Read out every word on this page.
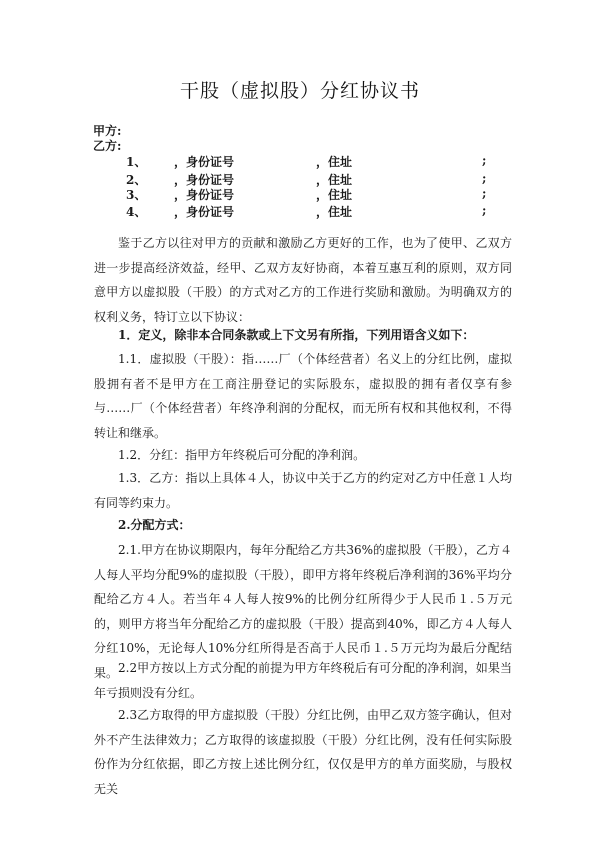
干股（虚拟股）分红协议书
甲方:
乙方:
1、 ，身份证号	，住址	;
2、 ，身份证号	，住址	;
3、 ，身份证号	，住址	;
4、 ，身份证号	，住址	;

鉴于乙方以往对甲方的贡献和激励乙方更好的工作，也为了使甲、乙双方进一步提高经济效益，经甲、乙双方友好协商，本着互惠互利的原则，双方同意甲方以虚拟股（干股）的方式对乙方的工作进行奖励和激励。为明确双方的权利义务，特订立以下协议：

1．定义，除非本合同条款或上下文另有所指，下列用语含义如下：

1.1．虚拟股（干股）：指……厂（个体经营者）名义上的分红比例，虚拟股拥有者不是甲方在工商注册登记的实际股东，虚拟股的拥有者仅享有参与……厂（个体经营者）年终净利润的分配权，而无所有权和其他权利，不得转让和继承。

1.2．分红：指甲方年终税后可分配的净利润。

1.3．乙方：指以上具体４人，协议中关于乙方的约定对乙方中任意１人均有同等约束力。

2.分配方式：

2.1.甲方在协议期限内，每年分配给乙方共36%的虚拟股（干股），乙方４人每人平均分配9%的虚拟股（干股），即甲方将年终税后净利润的36%平均分配给乙方４人。若当年４人每人按9%的比例分红所得少于人民币１.５万元的，则甲方将当年分配给乙方的虚拟股（干股）提高到40%，即乙方４人每人分红10%，无论每人10%分红所得是否高于人民币１.５万元均为最后分配结果。 2.2甲方按以上方式分配的前提为甲方年终税后有可分配的净利润，如果当年亏损则没有分红。

2.3乙方取得的甲方虚拟股（干股）分红比例，由甲乙双方签字确认，但对外不产生法律效力；乙方取得的该虚拟股（干股）分红比例，没有任何实际股份作为分红依据，即乙方按上述比例分红，仅仅是甲方的单方面奖励，与股权无关
